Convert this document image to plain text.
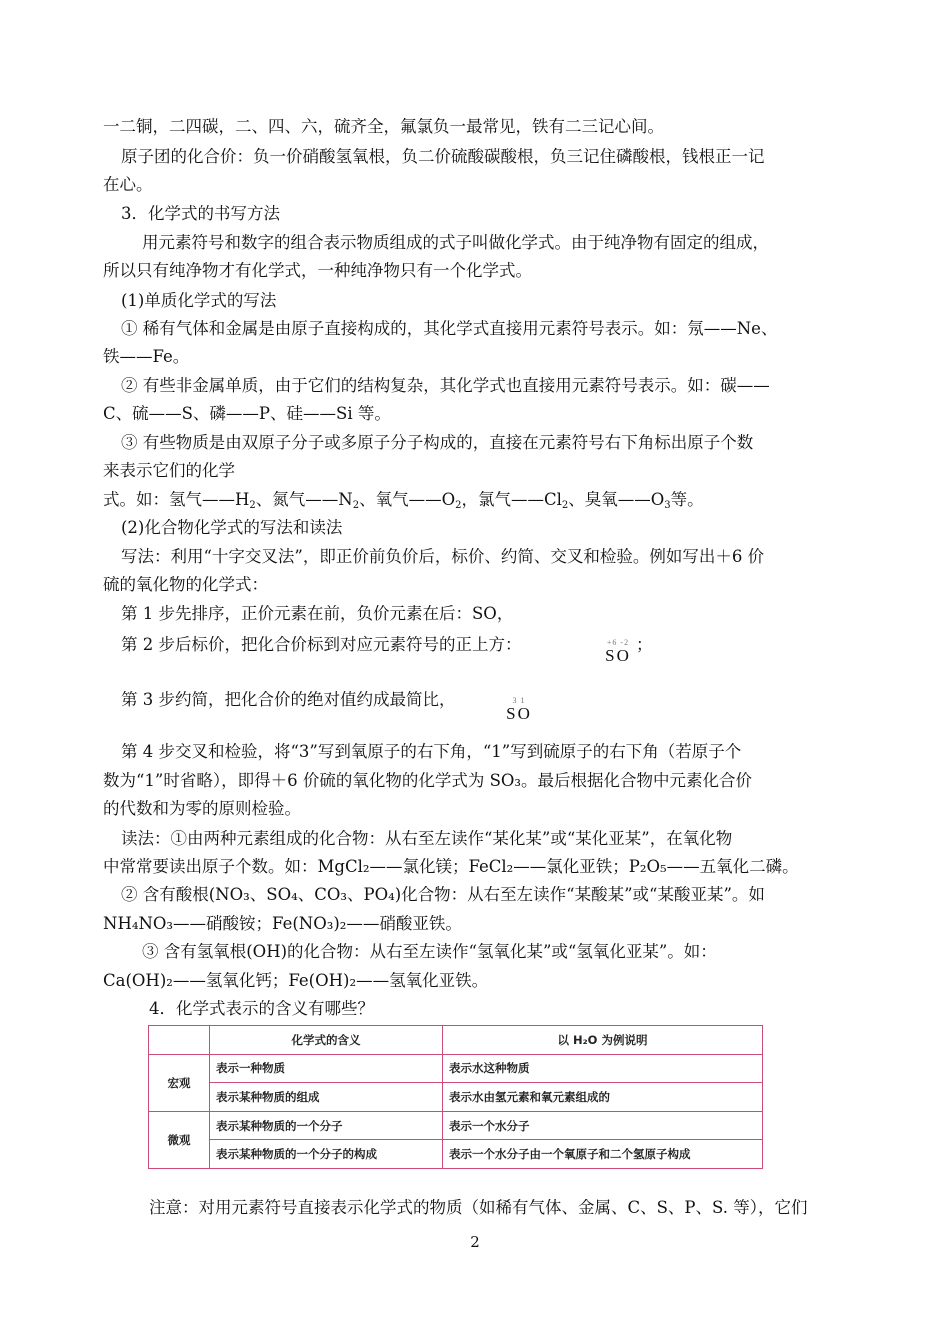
一二铜，二四碳，二、四、六，硫齐全，氟氯负一最常见，铁有二三记心间。
原子团的化合价：负一价硝酸氢氧根，负二价硫酸碳酸根，负三记住磷酸根，钱根正一记
在心。
3．化学式的书写方法
用元素符号和数字的组合表示物质组成的式子叫做化学式。由于纯净物有固定的组成，
所以只有纯净物才有化学式，一种纯净物只有一个化学式。
(1)单质化学式的写法
① 稀有气体和金属是由原子直接构成的，其化学式直接用元素符号表示。如：氖——Ne、
铁——Fe。
② 有些非金属单质，由于它们的结构复杂，其化学式也直接用元素符号表示。如：碳——
C、硫——S、磷——P、硅——Si 等。
③ 有些物质是由双原子分子或多原子分子构成的，直接在元素符号右下角标出原子个数
来表示它们的化学
式。如：氢气$——H_2$、氮气$——N_2$、氧气$——O_2$，氯气$——Cl_2$、臭氧$——O_3$等。
(2)化合物化学式的写法和读法
写法：利用“十字交叉法”，即正价前负价后，标价、约简、交叉和检验。例如写出＋6 价
硫的氧化物的化学式：
第 1 步先排序，正价元素在前，负价元素在后：SO，
第 2 步后标价，把化合价标到对应元素符号的正上方：	+6 -2
SO
；
第 3 步约简，把化合价的绝对值约成最简比，	3 1
SO
第 4 步交叉和检验，将“3”写到氧原子的右下角，“1”写到硫原子的右下角（若原子个
数为“1”时省略），即得＋6 价硫的氧化物的化学式为 SO₃。最后根据化合物中元素化合价
的代数和为零的原则检验。
读法：①由两种元素组成的化合物：从右至左读作“某化某”或“某化亚某”，在氧化物
中常常要读出原子个数。如：MgCl₂——氯化镁；FeCl₂——氯化亚铁；P₂O₅——五氧化二磷。
② 含有酸根(NO₃、SO₄、CO₃、PO₄)化合物：从右至左读作“某酸某”或“某酸亚某”。如
NH₄NO₃——硝酸铵；Fe(NO₃)₂——硝酸亚铁。
③ 含有氢氧根(OH)的化合物：从右至左读作“氢氧化某”或“氢氧化亚某”。如：
Ca(OH)₂——氢氧化钙；Fe(OH)₂——氢氧化亚铁。
4．化学式表示的含义有哪些？
	化学式的含义	以 H₂O 为例说明
宏观	表示一种物质	表示水这种物质
	表示某种物质的组成	表示水由氢元素和氧元素组成的
微观	表示某种物质的一个分子	表示一个水分子
	表示某种物质的一个分子的构成	表示一个水分子由一个氧原子和二个氢原子构成
注意：对用元素符号直接表示化学式的物质（如稀有气体、金属、C、S、P、S. 等），它们
2
